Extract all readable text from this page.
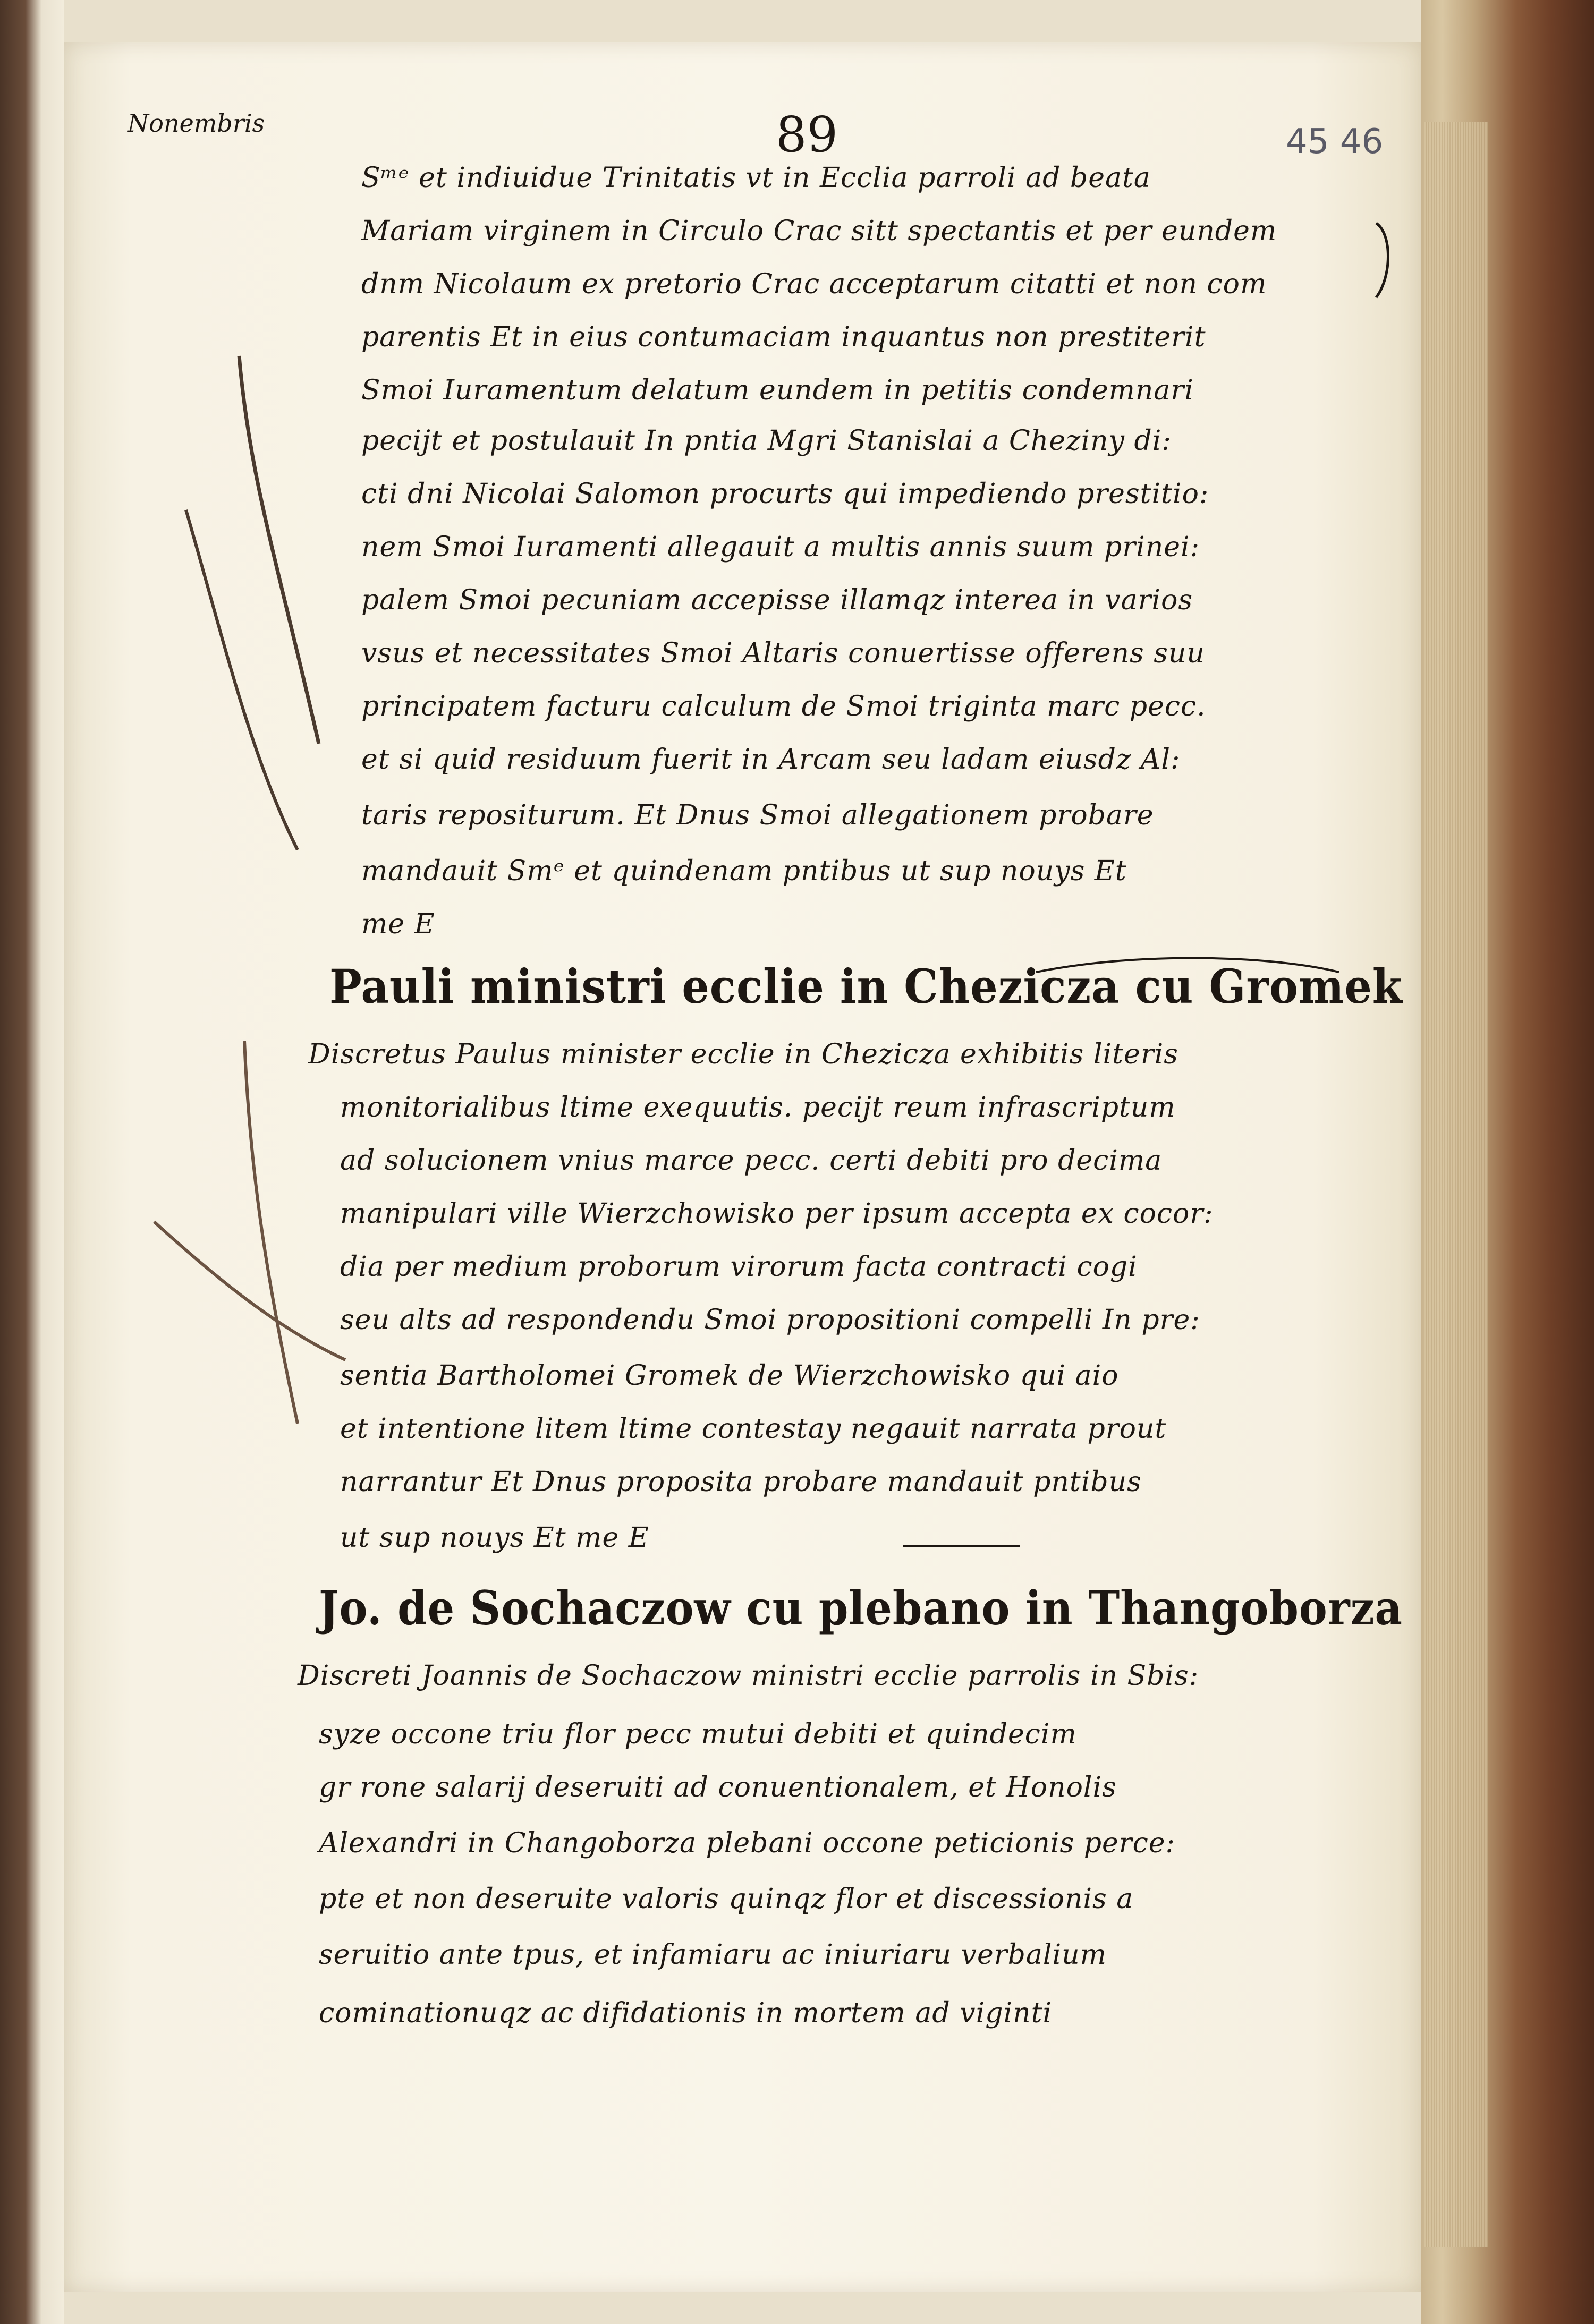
Nonembris	89	45 46
Sᵐᵉ et indiuidue Trinitatis vt in Ecclia parroli ad beata
Mariam virginem in Circulo Crac sitt spectantis et per eundem
dnm Nicolaum ex pretorio Crac acceptarum citatti et non com
parentis Et in eius contumaciam inquantus non prestiterit
Smoi Iuramentum delatum eundem in petitis condemnari
pecijt et postulauit In pntia Mgri Stanislai a Cheziny di:
cti dni Nicolai Salomon procurts qui impediendo prestitio:
nem Smoi Iuramenti allegauit a multis annis suum prinei:
palem Smoi pecuniam accepisse illamqz interea in varios
vsus et necessitates Smoi Altaris conuertisse offerens suu
principatem facturu calculum de Smoi triginta marc pecc.
et si quid residuum fuerit in Arcam seu ladam eiusdz Al:
taris repositurum. Et Dnus Smoi allegationem probare
mandauit Smᵉ et quindenam pntibus ut sup nouys Et
me E
Pauli ministri ecclie in Chezicza cu Gromek
Discretus Paulus minister ecclie in Chezicza exhibitis literis
monitorialibus ltime exequutis. pecijt reum infrascriptum
ad solucionem vnius marce pecc. certi debiti pro decima
manipulari ville Wierzchowisko per ipsum accepta ex cocor:
dia per medium proborum virorum facta contracti cogi
seu alts ad respondendu Smoi propositioni compelli In pre:
sentia Bartholomei Gromek de Wierzchowisko qui aio
et intentione litem ltime contestay negauit narrata prout
narrantur Et Dnus proposita probare mandauit pntibus
ut sup nouys Et me E
Jo. de Sochaczow cu plebano in Thangoborza
Discreti Joannis de Sochaczow ministri ecclie parrolis in Sbis:
syze occone triu flor pecc mutui debiti et quindecim
gr rone salarij deseruiti ad conuentionalem, et Honolis
Alexandri in Changoborza plebani occone peticionis perce:
pte et non deseruite valoris quinqz flor et discessionis a
seruitio ante tpus, et infamiaru ac iniuriaru verbalium
cominationuqz ac difidationis in mortem ad viginti
